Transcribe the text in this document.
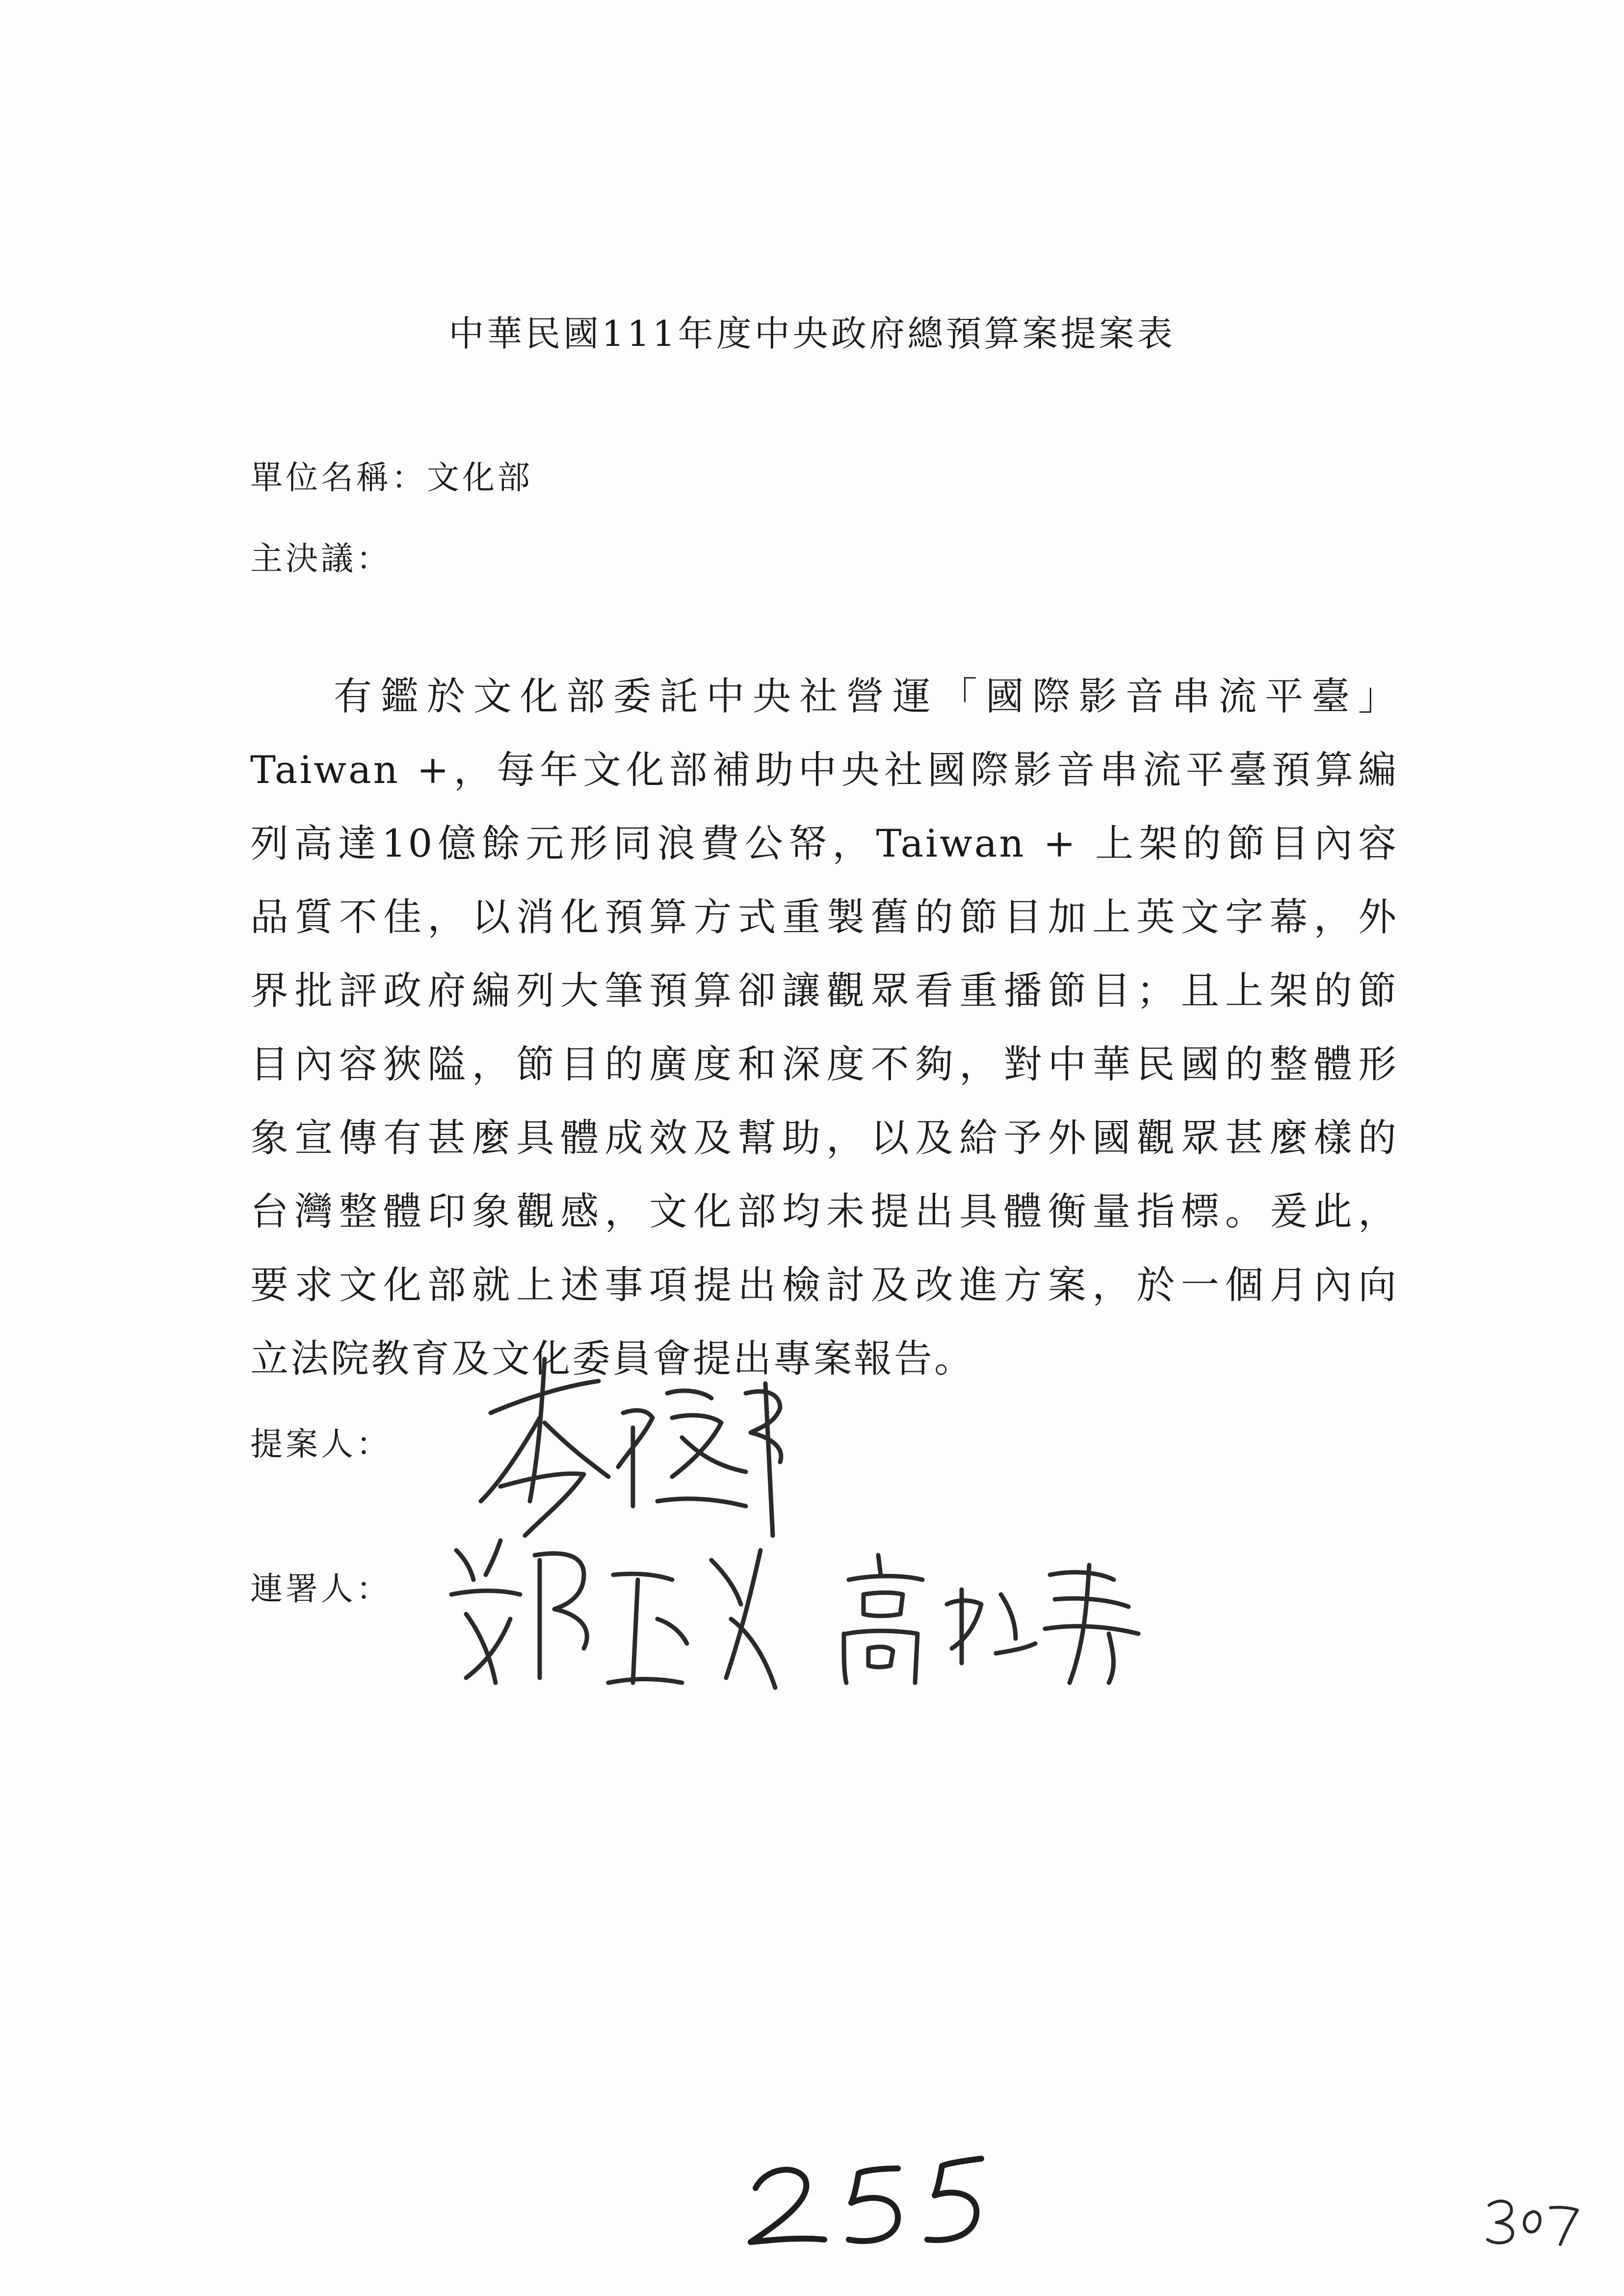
中華民國111年度中央政府總預算案提案表
單位名稱：文化部
主決議：
有鑑於文化部委託中央社營運「國際影音串流平臺」
Taiwan +，每年文化部補助中央社國際影音串流平臺預算編
列高達10億餘元形同浪費公帑，Taiwan + 上架的節目內容
品質不佳，以消化預算方式重製舊的節目加上英文字幕，外
界批評政府編列大筆預算卻讓觀眾看重播節目；且上架的節
目內容狹隘，節目的廣度和深度不夠，對中華民國的整體形
象宣傳有甚麼具體成效及幫助，以及給予外國觀眾甚麼樣的
台灣整體印象觀感，文化部均未提出具體衡量指標。爰此，
要求文化部就上述事項提出檢討及改進方案，於一個月內向
立法院教育及文化委員會提出專案報告。
提案人：
連署人：
